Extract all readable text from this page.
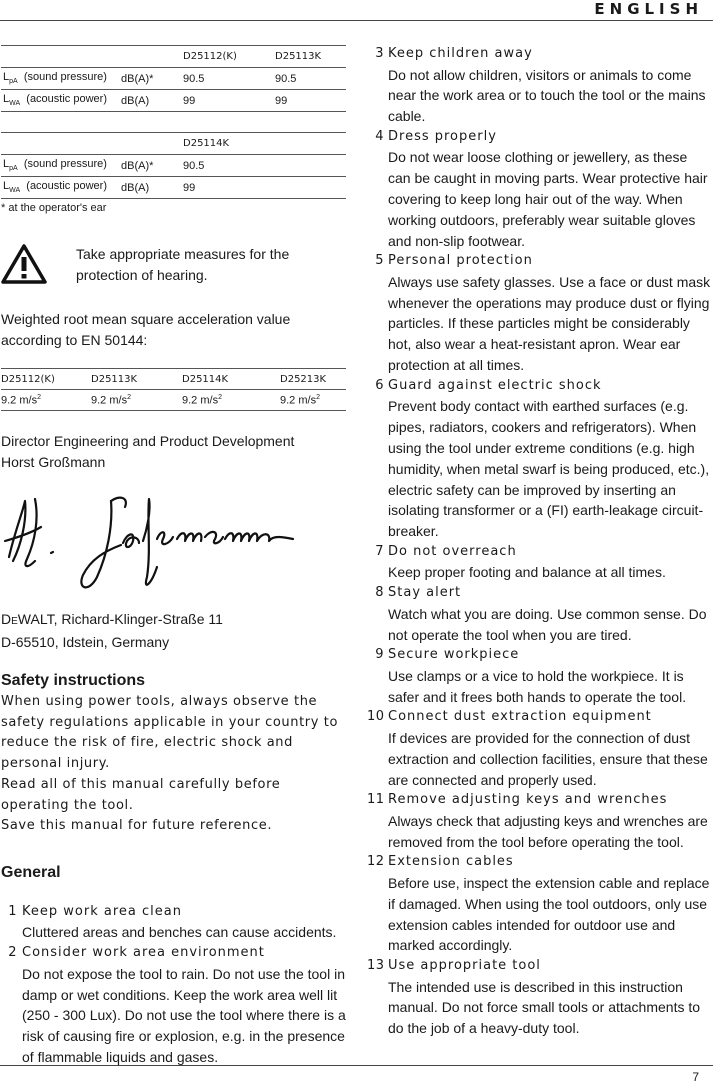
ENGLISH
		D25112(K)	D25113K
$L_{pA}$ (sound pressure)	dB(A)*	90.5	90.5
$L_{WA}$ (acoustic power)	dB(A)	99	99
		D25114K
$L_{pA}$ (sound pressure)	dB(A)*	90.5
$L_{WA}$ (acoustic power)	dB(A)	99
* at the operator's ear
Take appropriate measures for the protection of hearing.
Weighted root mean square acceleration value according to EN 50144:
D25112(K)	D25113K	D25114K	D25213K
9.2 $m/s^2$	9.2 $m/s^2$	9.2 $m/s^2$	9.2 $m/s^2$
Director Engineering and Product Development
Horst Großmann
DEWALT, Richard-Klinger-Straße 11
D-65510, Idstein, Germany
Safety instructions
When using power tools, always observe the safety regulations applicable in your country to reduce the risk of fire, electric shock and personal injury.
Read all of this manual carefully before operating the tool.
Save this manual for future reference.
General
1 Keep work area clean
Cluttered areas and benches can cause accidents.
2 Consider work area environment
Do not expose the tool to rain. Do not use the tool in damp or wet conditions. Keep the work area well lit (250 - 300 Lux). Do not use the tool where there is a risk of causing fire or explosion, e.g. in the presence of flammable liquids and gases.
3 Keep children away
Do not allow children, visitors or animals to come near the work area or to touch the tool or the mains cable.
4 Dress properly
Do not wear loose clothing or jewellery, as these can be caught in moving parts. Wear protective hair covering to keep long hair out of the way. When working outdoors, preferably wear suitable gloves and non-slip footwear.
5 Personal protection
Always use safety glasses. Use a face or dust mask whenever the operations may produce dust or flying particles. If these particles might be considerably hot, also wear a heat-resistant apron. Wear ear protection at all times.
6 Guard against electric shock
Prevent body contact with earthed surfaces (e.g. pipes, radiators, cookers and refrigerators). When using the tool under extreme conditions (e.g. high humidity, when metal swarf is being produced, etc.), electric safety can be improved by inserting an isolating transformer or a (FI) earth-leakage circuit-breaker.
7 Do not overreach
Keep proper footing and balance at all times.
8 Stay alert
Watch what you are doing. Use common sense. Do not operate the tool when you are tired.
9 Secure workpiece
Use clamps or a vice to hold the workpiece. It is safer and it frees both hands to operate the tool.
10 Connect dust extraction equipment
If devices are provided for the connection of dust extraction and collection facilities, ensure that these are connected and properly used.
11 Remove adjusting keys and wrenches
Always check that adjusting keys and wrenches are removed from the tool before operating the tool.
12 Extension cables
Before use, inspect the extension cable and replace if damaged. When using the tool outdoors, only use extension cables intended for outdoor use and marked accordingly.
13 Use appropriate tool
The intended use is described in this instruction manual. Do not force small tools or attachments to do the job of a heavy-duty tool.
7
